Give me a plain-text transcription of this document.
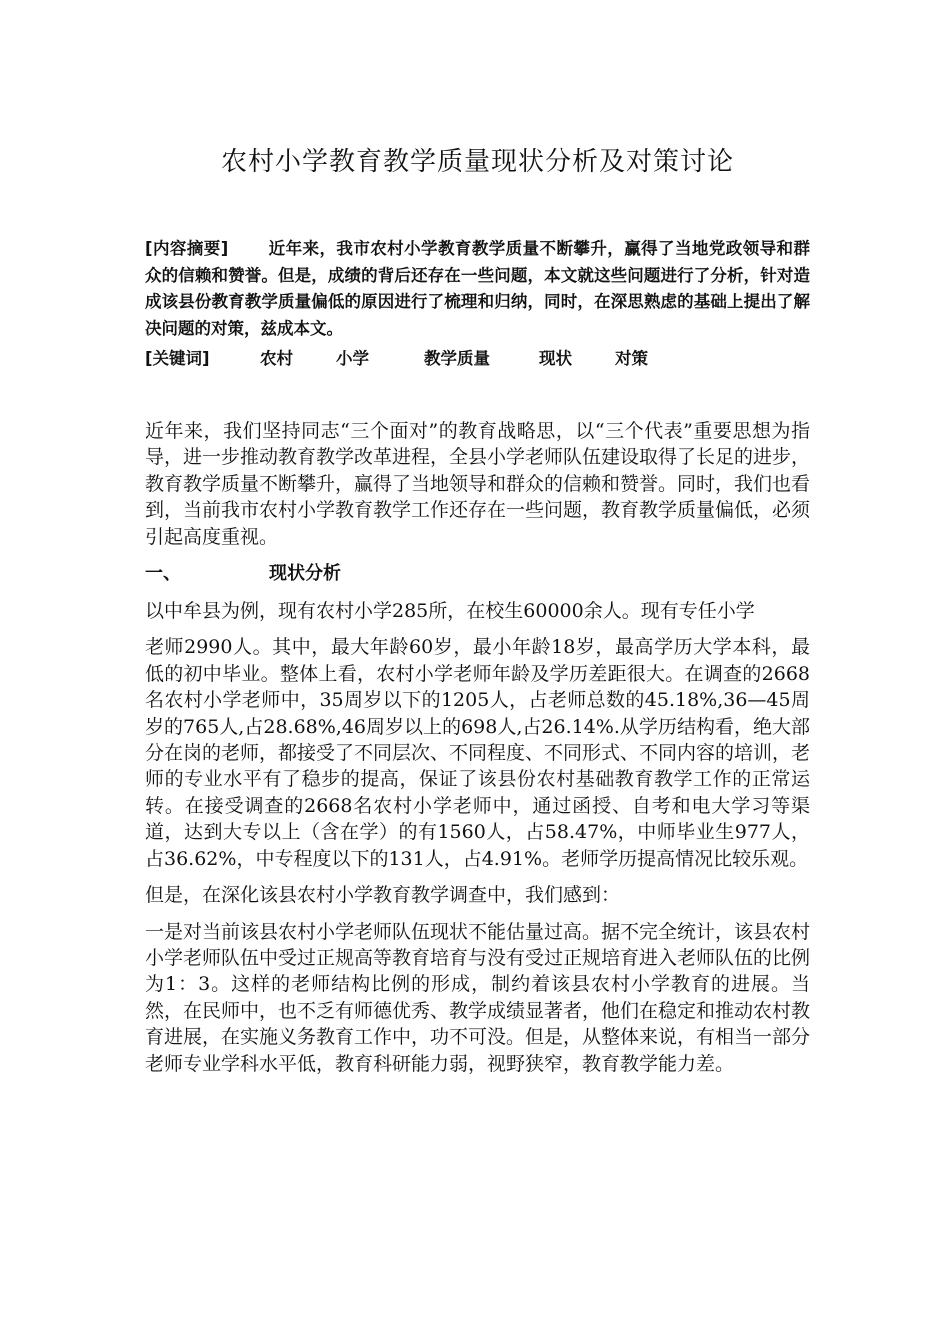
农村小学教育教学质量现状分析及对策讨论

[内容摘要] 近年来，我市农村小学教育教学质量不断攀升，赢得了当地党政领导和群众的信赖和赞誉。但是，成绩的背后还存在一些问题，本文就这些问题进行了分析，针对造成该县份教育教学质量偏低的原因进行了梳理和归纳，同时，在深思熟虑的基础上提出了解决问题的对策，兹成本文。

[关键词]	农村	小学	教学质量	现状	对策

近年来，我们坚持同志“三个面对”的教育战略思，以“三个代表”重要思想为指导，进一步推动教育教学改革进程，全县小学老师队伍建设取得了长足的进步，教育教学质量不断攀升，赢得了当地领导和群众的信赖和赞誉。同时，我们也看到，当前我市农村小学教育教学工作还存在一些问题，教育教学质量偏低，必须引起高度重视。

一、	现状分析

以中牟县为例，现有农村小学285所，在校生60000余人。现有专任小学

老师2990人。其中，最大年龄60岁，最小年龄18岁，最高学历大学本科，最低的初中毕业。整体上看，农村小学老师年龄及学历差距很大。在调查的2668名农村小学老师中，35周岁以下的1205人，占老师总数的45.18%,36—45周岁的765人,占28.68%,46周岁以上的698人,占26.14%.从学历结构看，绝大部分在岗的老师，都接受了不同层次、不同程度、不同形式、不同内容的培训，老师的专业水平有了稳步的提高，保证了该县份农村基础教育教学工作的正常运转。在接受调查的2668名农村小学老师中，通过函授、自考和电大学习等渠道，达到大专以上（含在学）的有1560人，占58.47%，中师毕业生977人，占36.62%，中专程度以下的131人，占4.91%。老师学历提高情况比较乐观。

但是，在深化该县农村小学教育教学调查中，我们感到：

一是对当前该县农村小学老师队伍现状不能估量过高。据不完全统计，该县农村小学老师队伍中受过正规高等教育培育与没有受过正规培育进入老师队伍的比例为1：3。这样的老师结构比例的形成，制约着该县农村小学教育的进展。当然，在民师中，也不乏有师德优秀、教学成绩显著者，他们在稳定和推动农村教育进展，在实施义务教育工作中，功不可没。但是，从整体来说，有相当一部分老师专业学科水平低，教育科研能力弱，视野狭窄，教育教学能力差。
